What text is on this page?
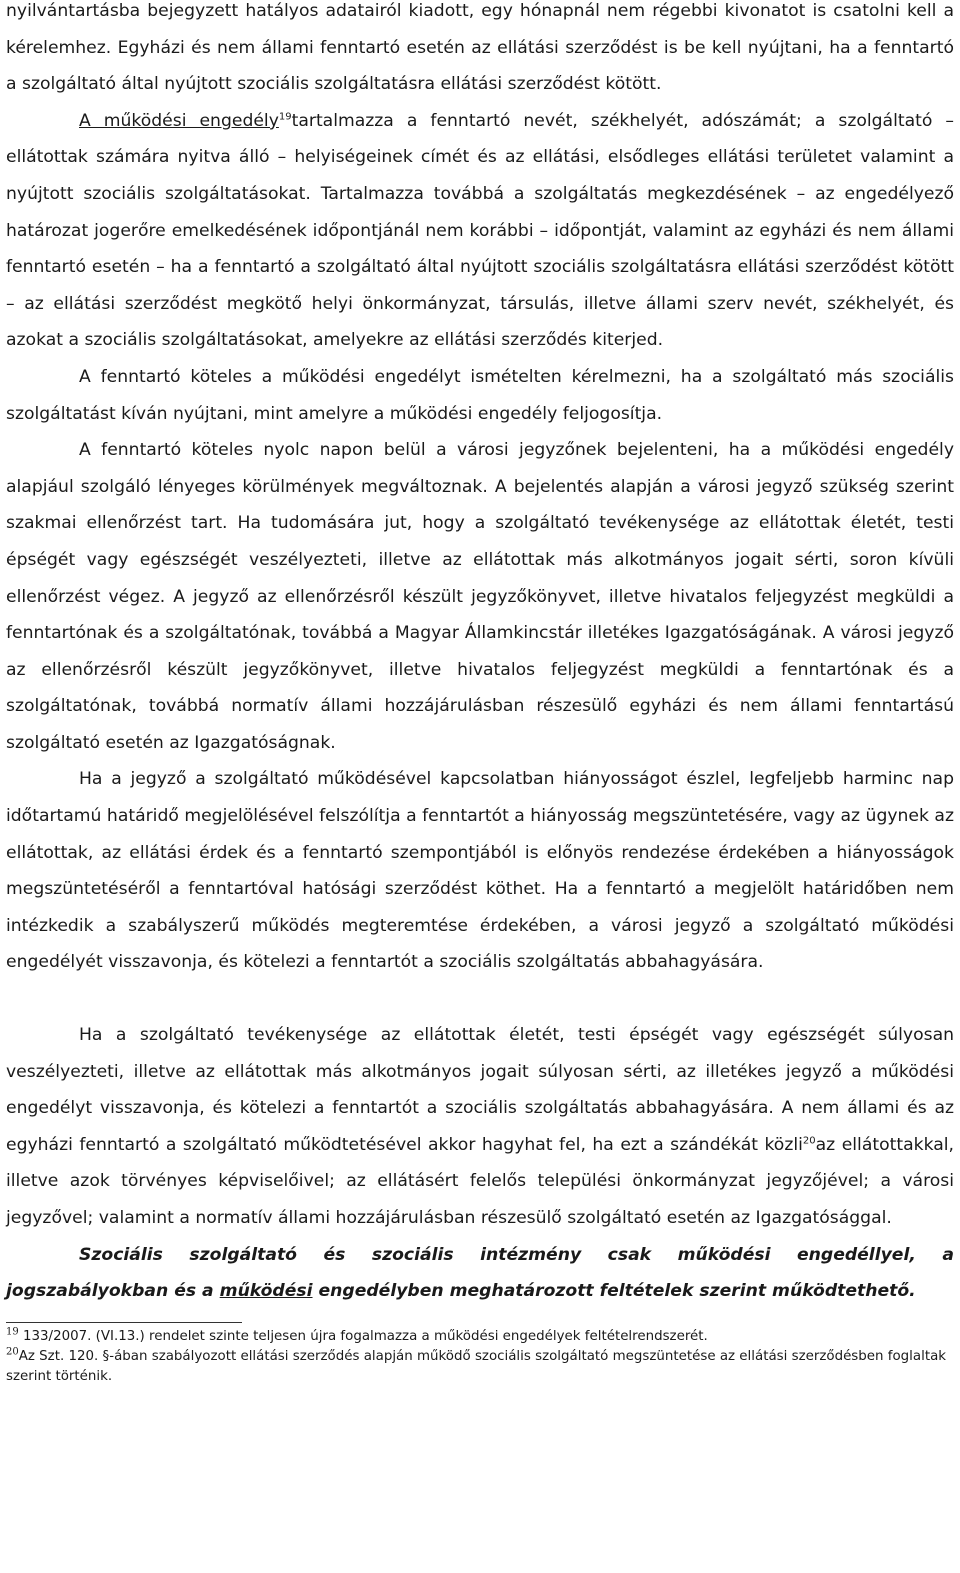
nyilvántartásba bejegyzett hatályos adatairól kiadott, egy hónapnál nem régebbi kivonatot is csatolni kell a kérelemhez. Egyházi és nem állami fenntartó esetén az ellátási szerződést is be kell nyújtani, ha a fenntartó a szolgáltató által nyújtott szociális szolgáltatásra ellátási szerződést kötött.

A működési engedély$^{19}$tartalmazza a fenntartó nevét, székhelyét, adószámát; a szolgáltató – ellátottak számára nyitva álló – helyiségeinek címét és az ellátási, elsődleges ellátási területet valamint a nyújtott szociális szolgáltatásokat. Tartalmazza továbbá a szolgáltatás megkezdésének – az engedélyező határozat jogerőre emelkedésének időpontjánál nem korábbi – időpontját, valamint az egyházi és nem állami fenntartó esetén – ha a fenntartó a szolgáltató által nyújtott szociális szolgáltatásra ellátási szerződést kötött – az ellátási szerződést megkötő helyi önkormányzat, társulás, illetve állami szerv nevét, székhelyét, és azokat a szociális szolgáltatásokat, amelyekre az ellátási szerződés kiterjed.

A fenntartó köteles a működési engedélyt ismételten kérelmezni, ha a szolgáltató más szociális szolgáltatást kíván nyújtani, mint amelyre a működési engedély feljogosítja.

A fenntartó köteles nyolc napon belül a városi jegyzőnek bejelenteni, ha a működési engedély alapjául szolgáló lényeges körülmények megváltoznak. A bejelentés alapján a városi jegyző szükség szerint szakmai ellenőrzést tart. Ha tudomására jut, hogy a szolgáltató tevékenysége az ellátottak életét, testi épségét vagy egészségét veszélyezteti, illetve az ellátottak más alkotmányos jogait sérti, soron kívüli ellenőrzést végez. A jegyző az ellenőrzésről készült jegyzőkönyvet, illetve hivatalos feljegyzést megküldi a fenntartónak és a szolgáltatónak, továbbá a Magyar Államkincstár illetékes Igazgatóságának. A városi jegyző az ellenőrzésről készült jegyzőkönyvet, illetve hivatalos feljegyzést megküldi a fenntartónak és a szolgáltatónak, továbbá normatív állami hozzájárulásban részesülő egyházi és nem állami fenntartású szolgáltató esetén az Igazgatóságnak.

Ha a jegyző a szolgáltató működésével kapcsolatban hiányosságot észlel, legfeljebb harminc nap időtartamú határidő megjelölésével felszólítja a fenntartót a hiányosság megszüntetésére, vagy az ügynek az ellátottak, az ellátási érdek és a fenntartó szempontjából is előnyös rendezése érdekében a hiányosságok megszüntetéséről a fenntartóval hatósági szerződést köthet. Ha a fenntartó a megjelölt határidőben nem intézkedik a szabályszerű működés megteremtése érdekében, a városi jegyző a szolgáltató működési engedélyét visszavonja, és kötelezi a fenntartót a szociális szolgáltatás abbahagyására.

Ha a szolgáltató tevékenysége az ellátottak életét, testi épségét vagy egészségét súlyosan veszélyezteti, illetve az ellátottak más alkotmányos jogait súlyosan sérti, az illetékes jegyző a működési engedélyt visszavonja, és kötelezi a fenntartót a szociális szolgáltatás abbahagyására. A nem állami és az egyházi fenntartó a szolgáltató működtetésével akkor hagyhat fel, ha ezt a szándékát közli$^{20}$az ellátottakkal, illetve azok törvényes képviselőivel; az ellátásért felelős települési önkormányzat jegyzőjével; a városi jegyzővel; valamint a normatív állami hozzájárulásban részesülő szolgáltató esetén az Igazgatósággal.

Szociális szolgáltató és szociális intézmény csak működési engedéllyel, a jogszabályokban és a működési engedélyben meghatározott feltételek szerint működtethető.

$^{19}$ 133/2007. (VI.13.) rendelet szinte teljesen újra fogalmazza a működési engedélyek feltételrendszerét.

$^{20}$Az Szt. 120. §-ában szabályozott ellátási szerződés alapján működő szociális szolgáltató megszüntetése az ellátási szerződésben foglaltak szerint történik.
